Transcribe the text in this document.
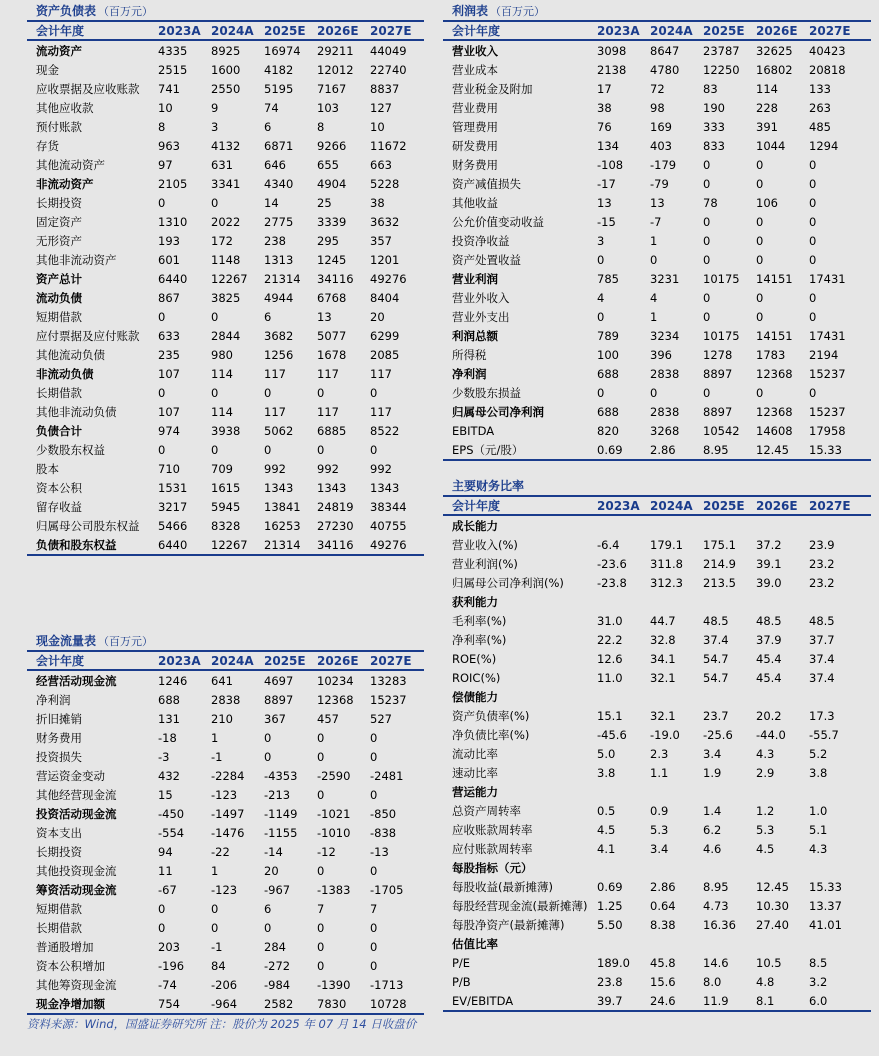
资产负债表 （百万元）
会计年度	2023A	2024A	2025E	2026E	2027E
流动资产	4335	8925	16974	29211	44049
现金	2515	1600	4182	12012	22740
应收票据及应收账款	741	2550	5195	7167	8837
其他应收款	10	9	74	103	127
预付账款	8	3	6	8	10
存货	963	4132	6871	9266	11672
其他流动资产	97	631	646	655	663
非流动资产	2105	3341	4340	4904	5228
长期投资	0	0	14	25	38
固定资产	1310	2022	2775	3339	3632
无形资产	193	172	238	295	357
其他非流动资产	601	1148	1313	1245	1201
资产总计	6440	12267	21314	34116	49276
流动负债	867	3825	4944	6768	8404
短期借款	0	0	6	13	20
应付票据及应付账款	633	2844	3682	5077	6299
其他流动负债	235	980	1256	1678	2085
非流动负债	107	114	117	117	117
长期借款	0	0	0	0	0
其他非流动负债	107	114	117	117	117
负债合计	974	3938	5062	6885	8522
少数股东权益	0	0	0	0	0
股本	710	709	992	992	992
资本公积	1531	1615	1343	1343	1343
留存收益	3217	5945	13841	24819	38344
归属母公司股东权益	5466	8328	16253	27230	40755
负债和股东权益	6440	12267	21314	34116	49276
现金流量表 （百万元）
会计年度	2023A	2024A	2025E	2026E	2027E
经营活动现金流	1246	641	4697	10234	13283
净利润	688	2838	8897	12368	15237
折旧摊销	131	210	367	457	527
财务费用	-18	1	0	0	0
投资损失	-3	-1	0	0	0
营运资金变动	432	-2284	-4353	-2590	-2481
其他经营现金流	15	-123	-213	0	0
投资活动现金流	-450	-1497	-1149	-1021	-850
资本支出	-554	-1476	-1155	-1010	-838
长期投资	94	-22	-14	-12	-13
其他投资现金流	11	1	20	0	0
筹资活动现金流	-67	-123	-967	-1383	-1705
短期借款	0	0	6	7	7
长期借款	0	0	0	0	0
普通股增加	203	-1	284	0	0
资本公积增加	-196	84	-272	0	0
其他筹资现金流	-74	-206	-984	-1390	-1713
现金净增加额	754	-964	2582	7830	10728
利润表 （百万元）
会计年度	2023A	2024A	2025E	2026E	2027E
营业收入	3098	8647	23787	32625	40423
营业成本	2138	4780	12250	16802	20818
营业税金及附加	17	72	83	114	133
营业费用	38	98	190	228	263
管理费用	76	169	333	391	485
研发费用	134	403	833	1044	1294
财务费用	-108	-179	0	0	0
资产减值损失	-17	-79	0	0	0
其他收益	13	13	78	106	0
公允价值变动收益	-15	-7	0	0	0
投资净收益	3	1	0	0	0
资产处置收益	0	0	0	0	0
营业利润	785	3231	10175	14151	17431
营业外收入	4	4	0	0	0
营业外支出	0	1	0	0	0
利润总额	789	3234	10175	14151	17431
所得税	100	396	1278	1783	2194
净利润	688	2838	8897	12368	15237
少数股东损益	0	0	0	0	0
归属母公司净利润	688	2838	8897	12368	15237
EBITDA	820	3268	10542	14608	17958
EPS（元/股）	0.69	2.86	8.95	12.45	15.33
主要财务比率
会计年度	2023A	2024A	2025E	2026E	2027E
成长能力					
营业收入(%)	-6.4	179.1	175.1	37.2	23.9
营业利润(%)	-23.6	311.8	214.9	39.1	23.2
归属母公司净利润(%)	-23.8	312.3	213.5	39.0	23.2
获利能力					
毛利率(%)	31.0	44.7	48.5	48.5	48.5
净利率(%)	22.2	32.8	37.4	37.9	37.7
ROE(%)	12.6	34.1	54.7	45.4	37.4
ROIC(%)	11.0	32.1	54.7	45.4	37.4
偿债能力					
资产负债率(%)	15.1	32.1	23.7	20.2	17.3
净负债比率(%)	-45.6	-19.0	-25.6	-44.0	-55.7
流动比率	5.0	2.3	3.4	4.3	5.2
速动比率	3.8	1.1	1.9	2.9	3.8
营运能力					
总资产周转率	0.5	0.9	1.4	1.2	1.0
应收账款周转率	4.5	5.3	6.2	5.3	5.1
应付账款周转率	4.1	3.4	4.6	4.5	4.3
每股指标（元）					
每股收益(最新摊薄)	0.69	2.86	8.95	12.45	15.33
每股经营现金流(最新摊薄)	1.25	0.64	4.73	10.30	13.37
每股净资产(最新摊薄)	5.50	8.38	16.36	27.40	41.01
估值比率					
P/E	189.0	45.8	14.6	10.5	8.5
P/B	23.8	15.6	8.0	4.8	3.2
EV/EBITDA	39.7	24.6	11.9	8.1	6.0
资料来源：Wind，国盛证券研究所 注：股价为 2025 年 07 月 14 日收盘价
